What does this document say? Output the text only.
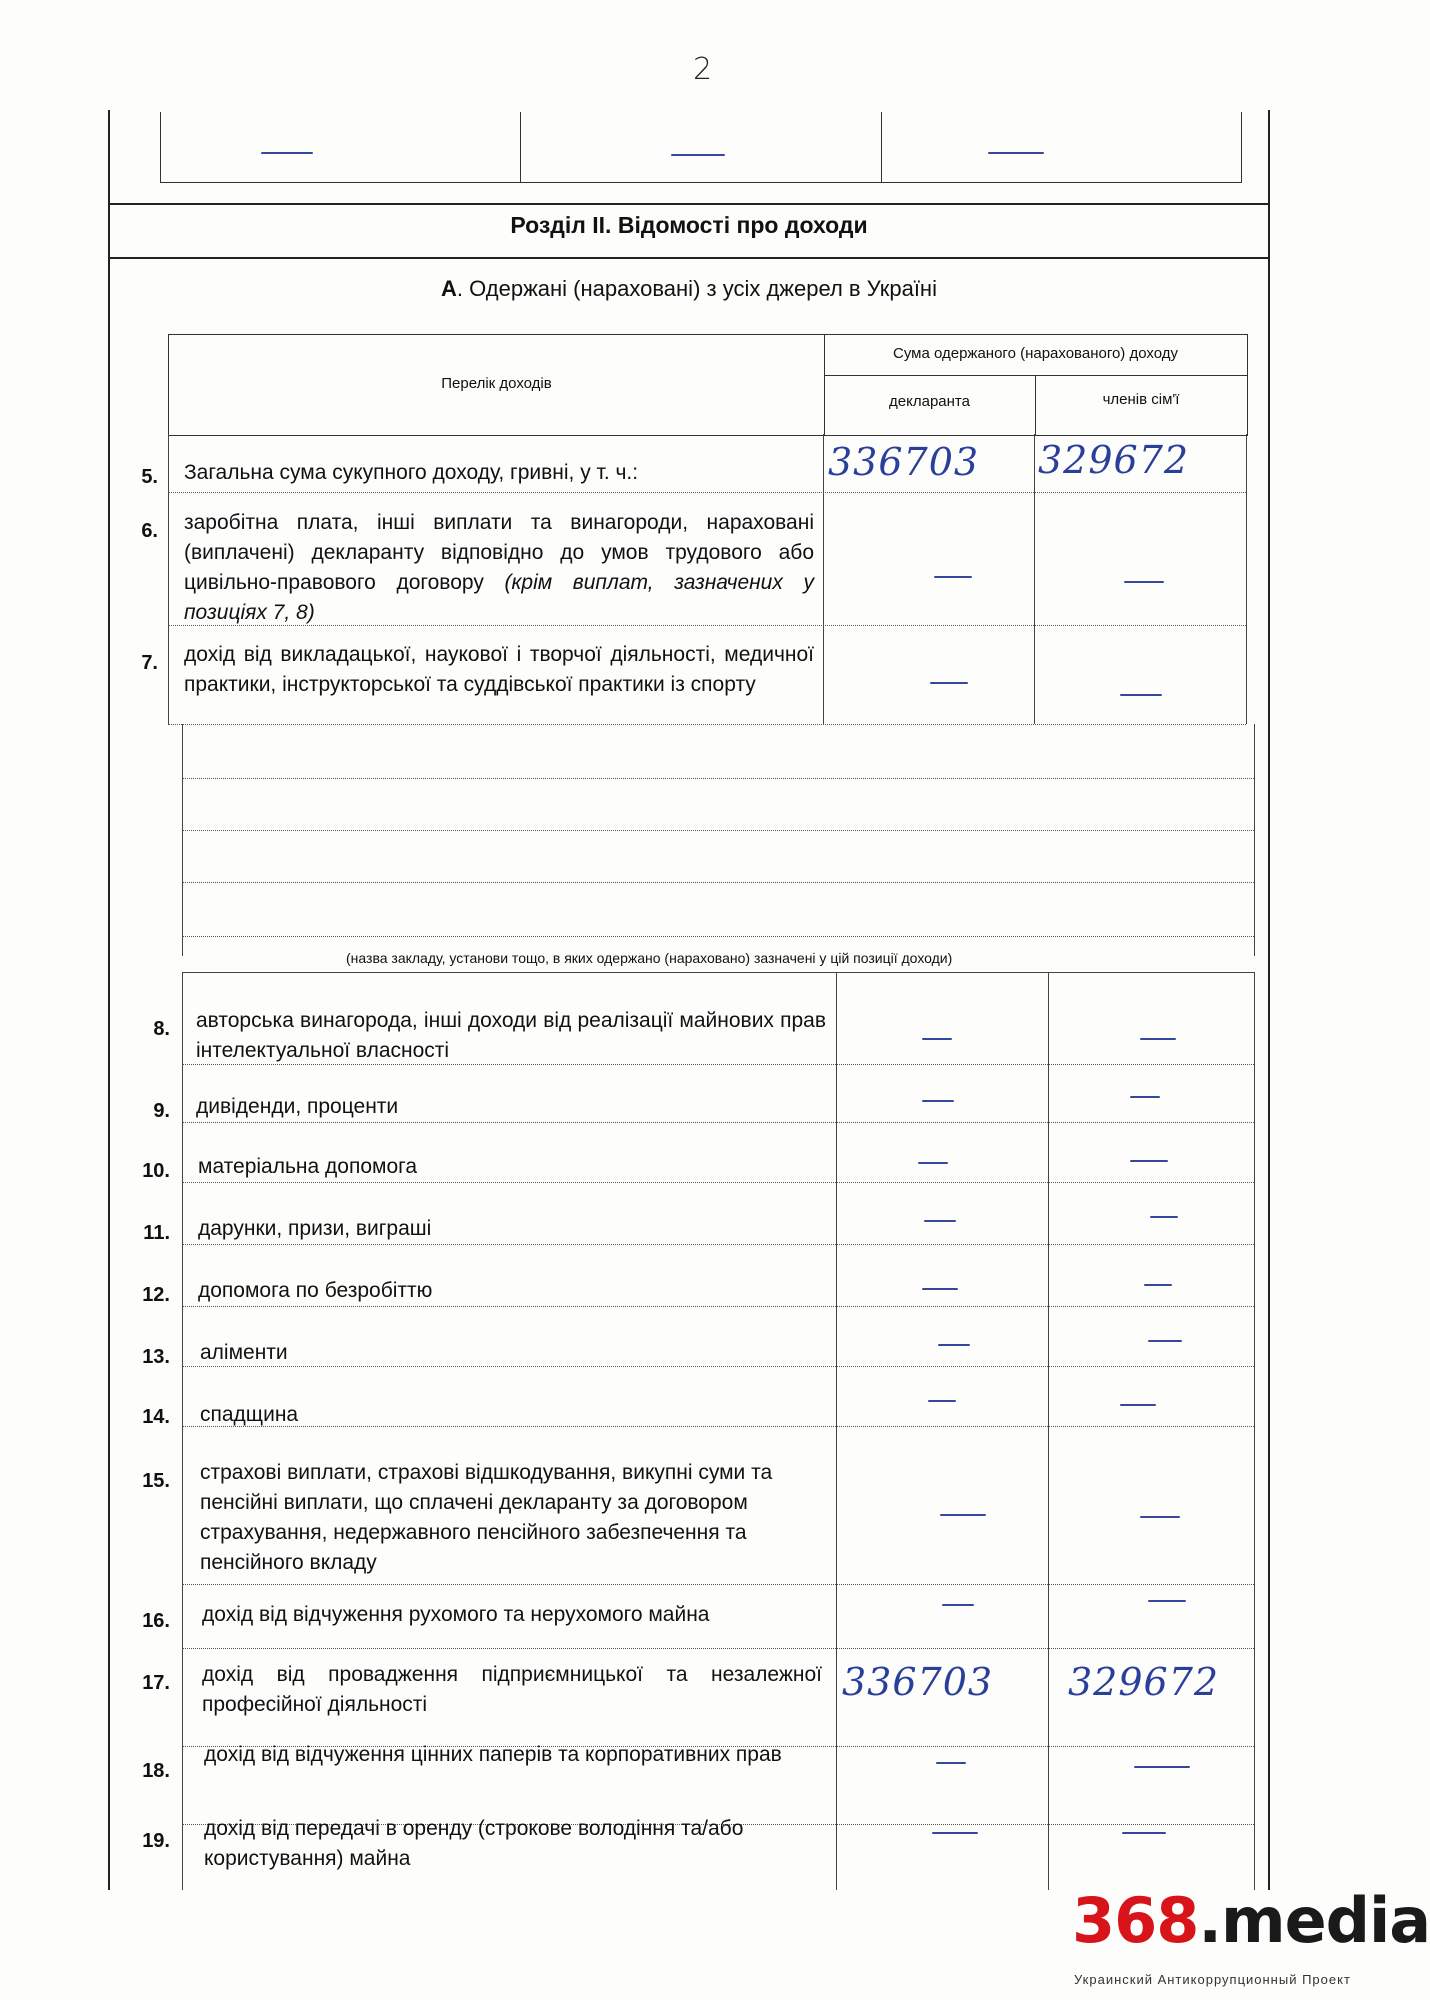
2
Розділ ІІ. Відомості про доходи
А. Одержані (нараховані) з усіх джерел в Україні
Перелік доходів
Сума одержаного (нарахованого) доходу
декларанта	членів сім'ї
5. Загальна сума сукупного доходу, гривні, у т. ч.:	336703 329672
6. заробітна плата, інші виплати та винагороди, нараховані (виплачені) декларанту відповідно до умов трудового або цивільно-правового договору (крім виплат, зазначених у позиціях 7, 8)
7. дохід від викладацької, наукової і творчої діяльності, медичної практики, інструкторської та суддівської практики із спорту
(назва закладу, установи тощо, в яких одержано (нараховано) зазначені у цій позиції доходи)
8. авторська винагорода, інші доходи від реалізації майнових прав інтелектуальної власності
9. дивіденди, проценти
10. матеріальна допомога
11. дарунки, призи, виграші
12. допомога по безробіттю
13. аліменти
14. спадщина
15. страхові виплати, страхові відшкодування, викупні суми та пенсійні виплати, що сплачені декларанту за договором страхування, недержавного пенсійного забезпечення та пенсійного вкладу
16. дохід від відчуження рухомого та нерухомого майна
17. дохід від провадження підприємницької та незалежної професійної діяльності
336703 329672
18.
дохід від відчуження цінних паперів та корпоративних прав
19.
дохід від передачі в оренду (строкове володіння та/або користування) майна
368.media
Украинский Антикоррупционный Проект
